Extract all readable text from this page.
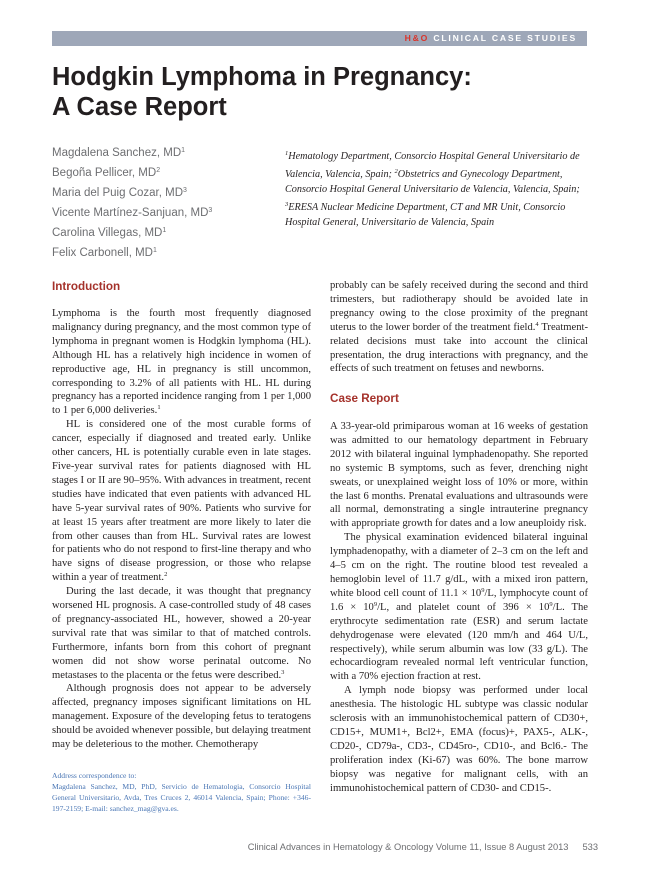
H&O CLINICAL CASE STUDIES
Hodgkin Lymphoma in Pregnancy:
A Case Report
Magdalena Sanchez, $MD^1$
Begoña Pellicer, $MD^2$
Maria del Puig Cozar, $MD^3$
Vicente Martínez-Sanjuan, $MD^3$
Carolina Villegas, $MD^1$
Felix Carbonell, $MD^1$
$^1$Hematology Department, Consorcio Hospital General Universitario de Valencia, Valencia, Spain; $^2$Obstetrics and Gynecology Department, Consorcio Hospital General Universitario de Valencia, Valencia, Spain; $^3$ERESA Nuclear Medicine Department, CT and MR Unit, Consorcio Hospital General, Universitario de Valencia, Spain
Introduction

Lymphoma is the fourth most frequently diagnosed malignancy during pregnancy, and the most common type of lymphoma in pregnant women is Hodgkin lymphoma (HL). Although HL has a relatively high incidence in women of reproductive age, HL in pregnancy is still uncommon, corresponding to 3.2% of all patients with HL. HL during pregnancy has a reported incidence ranging from 1 per 1,000 to 1 per 6,000 deliveries.$^1$

HL is considered one of the most curable forms of cancer, especially if diagnosed and treated early. Unlike other cancers, HL is potentially curable even in late stages. Five-year survival rates for patients diagnosed with HL stages I or II are 90–95%. With advances in treatment, recent studies have indicated that even patients with advanced HL have 5-year survival rates of 90%. Patients who survive for at least 15 years after treatment are more likely to later die from other causes than from HL. Survival rates are lowest for patients who do not respond to first-line therapy and who have signs of disease progression, or those who relapse within a year of treatment.$^2$

During the last decade, it was thought that pregnancy worsened HL prognosis. A case-controlled study of 48 cases of pregnancy-associated HL, however, showed a 20-year survival rate that was similar to that of matched controls. Furthermore, infants born from this cohort of pregnant women did not show worse perinatal outcome. No metastases to the placenta or the fetus were described.$^3$

Although prognosis does not appear to be adversely affected, pregnancy imposes significant limitations on HL management. Exposure of the developing fetus to teratogens should be avoided whenever possible, but delaying treatment may be deleterious to the mother. Chemotherapy

Address correspondence to:
Magdalena Sanchez, MD, PhD, Servicio de Hematologia, Consorcio Hospital General Universitario, Avda, Tres Cruces 2, 46014 Valencia, Spain; Phone: +346-197-2159; E-mail: sanchez_mag@gva.es.

probably can be safely received during the second and third trimesters, but radiotherapy should be avoided late in pregnancy owing to the close proximity of the pregnant uterus to the lower border of the treatment field.$^4$ Treatment-related decisions must take into account the clinical presentation, the drug interactions with pregnancy, and the effects of such treatment on fetuses and newborns.

Case Report

A 33-year-old primiparous woman at 16 weeks of gestation was admitted to our hematology department in February 2012 with bilateral inguinal lymphadenopathy. She reported no systemic B symptoms, such as fever, drenching night sweats, or unexplained weight loss of 10% or more, within the last 6 months. Prenatal evaluations and ultrasounds were all normal, demonstrating a single intrauterine pregnancy with appropriate growth for dates and a low aneuploidy risk.

The physical examination evidenced bilateral inguinal lymphadenopathy, with a diameter of 2–3 cm on the left and 4–5 cm on the right. The routine blood test revealed a hemoglobin level of 11.7 g/dL, with a mixed iron pattern, white blood cell count of $11.1 \times 10^9/L$, lymphocyte count of $1.6 \times 10^9/L$, and platelet count of $396 \times 10^9/L$. The erythrocyte sedimentation rate (ESR) and serum lactate dehydrogenase were elevated (120 mm/h and 464 U/L, respectively), while serum albumin was low (33 g/L). The echocardiogram revealed normal left ventricular function, with a 70% ejection fraction at rest.

A lymph node biopsy was performed under local anesthesia. The histologic HL subtype was classic nodular sclerosis with an immunohistochemical pattern of CD30+, CD15+, MUM1+, Bcl2+, EMA (focus)+, PAX5-, ALK-, CD20-, CD79a-, CD3-, CD45ro-, CD10-, and Bcl6.- The proliferation index (Ki-67) was 60%. The bone marrow biopsy was negative for malignant cells, with an immunohistochemical pattern of CD30- and CD15-.

Clinical Advances in Hematology & Oncology Volume 11, Issue 8 August 2013 533
